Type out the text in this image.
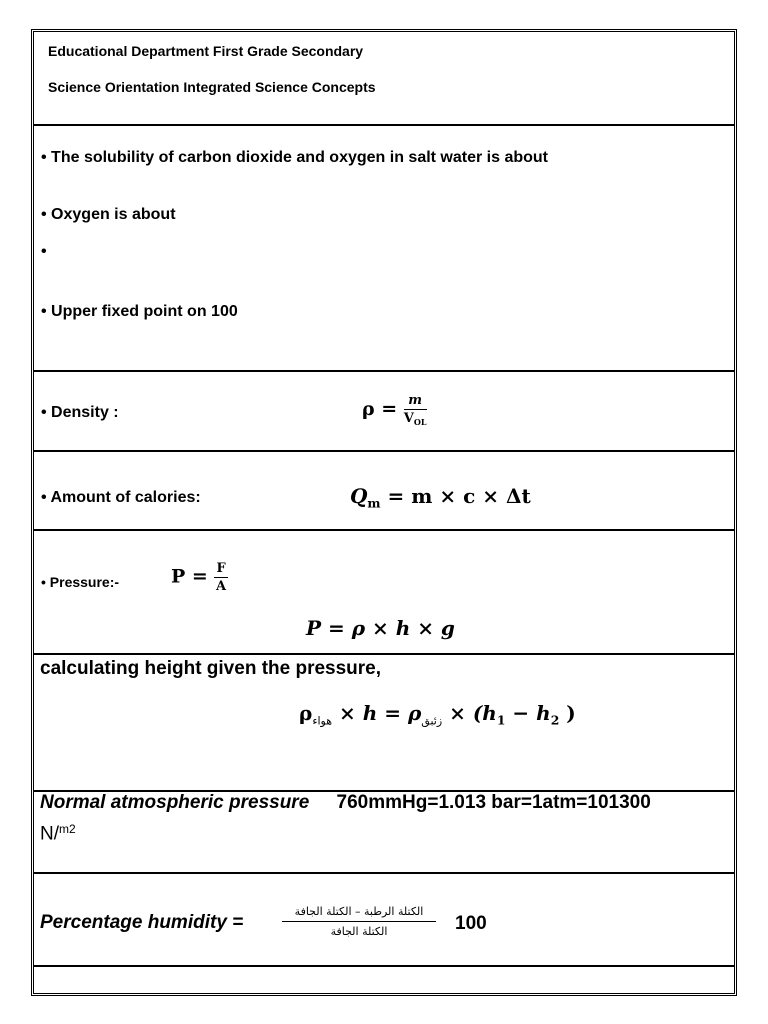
Educational Department First Grade Secondary
Science Orientation Integrated Science Concepts
• The solubility of carbon dioxide and oxygen in salt water is about
• Oxygen is about
•
• Upper fixed point on 100
• Density :	$\rho = \frac{m}{V_{OL}}$
• Amount of calories:	$Q_m = m \times c \times \Delta t$
• Pressure:-	$P = \frac{F}{A}$
P = ρ × h × g
calculating height given the pressure,
$\rho_{هواء} \times h = \rho_{زئبق} \times (h_1 - h_2$ )
Normal atmospheric pressure 760mmHg=1.013 bar=1atm=101300
N/$^{m2}$
Percentage humidity =
الكتلة الرطبة – الكتلة الجافة
الكتلة الجافة	100
